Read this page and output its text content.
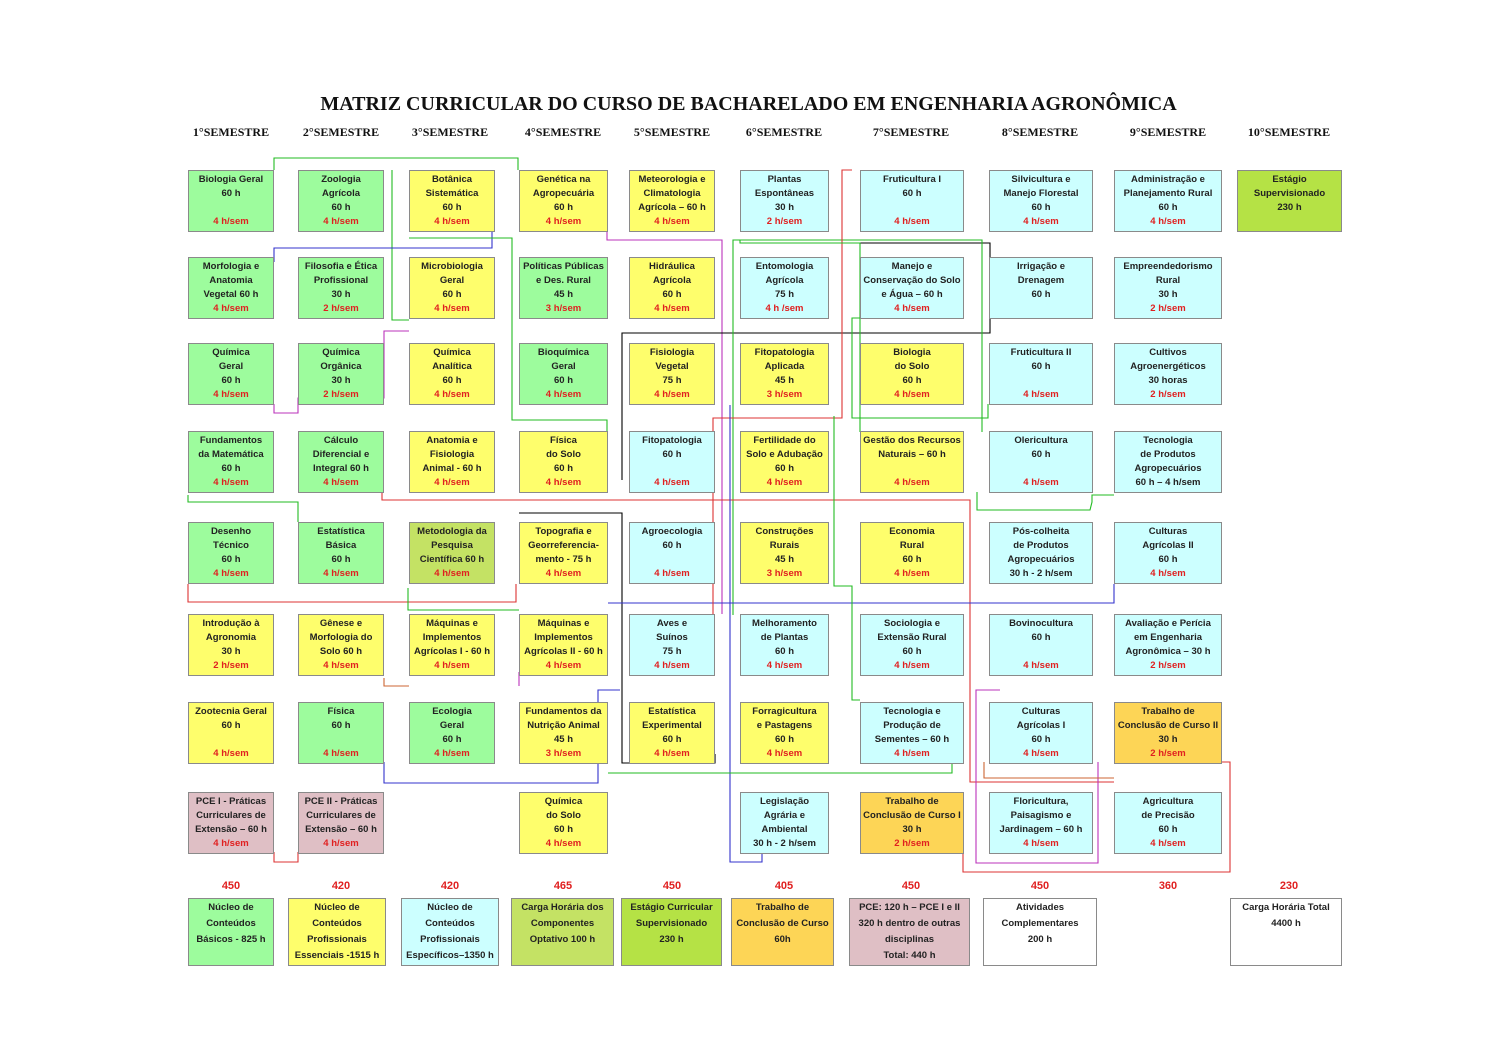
MATRIZ CURRICULAR DO CURSO DE BACHARELADO EM ENGENHARIA AGRONÔMICA
1°SEMESTRE	2°SEMESTRE	3°SEMESTRE	4°SEMESTRE	5°SEMESTRE	6°SEMESTRE	7°SEMESTRE	8°SEMESTRE	9°SEMESTRE	10°SEMESTRE
Biologia Geral
60 h

4 h/sem
Morfologia e
Anatomia
Vegetal 60 h
4 h/sem
Química
Geral
60 h
4 h/sem
Fundamentos
da Matemática
60 h
4 h/sem
Desenho
Técnico
60 h
4 h/sem
Introdução à
Agronomia
30 h
2 h/sem
Zootecnia Geral
60 h

4 h/sem
PCE I - Práticas
Curriculares de
Extensão – 60 h
4 h/sem
Zoologia
Agrícola
60 h
4 h/sem
Filosofia e Ética
Profissional
30 h
2 h/sem
Química
Orgânica
30 h
2 h/sem
Cálculo
Diferencial e
Integral 60 h
4 h/sem
Estatística
Básica
60 h
4 h/sem
Gênese e
Morfologia do
Solo 60 h
4 h/sem
Física
60 h

4 h/sem
PCE II - Práticas
Curriculares de
Extensão – 60 h
4 h/sem
Botânica
Sistemática
60 h
4 h/sem
Microbiologia
Geral
60 h
4 h/sem
Química
Analítica
60 h
4 h/sem
Anatomia e
Fisiologia
Animal - 60 h
4 h/sem
Metodologia da
Pesquisa
Científica 60 h
4 h/sem
Máquinas e
Implementos
Agrícolas I - 60 h
4 h/sem
Ecologia
Geral
60 h
4 h/sem
Genética na
Agropecuária
60 h
4 h/sem
Políticas Públicas
e Des. Rural
45 h
3 h/sem
Bioquímica
Geral
60 h
4 h/sem
Física
do Solo
60 h
4 h/sem
Topografia e
Georreferencia-
mento - 75 h
4 h/sem
Máquinas e
Implementos
Agrícolas II - 60 h
4 h/sem
Fundamentos da
Nutrição Animal
45 h
3 h/sem
Química
do Solo
60 h
4 h/sem
Meteorologia e
Climatologia
Agrícola – 60 h
4 h/sem
Hidráulica
Agrícola
60 h
4 h/sem
Fisiologia
Vegetal
75 h
4 h/sem
Fitopatologia
60 h

4 h/sem
Agroecologia
60 h

4 h/sem
Aves e
Suínos
75 h
4 h/sem
Estatística
Experimental
60 h
4 h/sem
Plantas
Espontâneas
30 h
2 h/sem
Entomologia
Agrícola
75 h
4 h /sem
Fitopatologia
Aplicada
45 h
3 h/sem
Fertilidade do
Solo e Adubação
60 h
4 h/sem
Construções
Rurais
45 h
3 h/sem
Melhoramento
de Plantas
60 h
4 h/sem
Forragicultura
e Pastagens
60 h
4 h/sem
Legislação
Agrária e
Ambiental
30 h - 2 h/sem
Fruticultura I
60 h

4 h/sem
Manejo e
Conservação do Solo
e Água – 60 h
4 h/sem
Biologia
do Solo
60 h
4 h/sem
Gestão dos Recursos
Naturais – 60 h

4 h/sem
Economia
Rural
60 h
4 h/sem
Sociologia e
Extensão Rural
60 h
4 h/sem
Tecnologia e
Produção de
Sementes – 60 h
4 h/sem
Trabalho de
Conclusão de Curso I
30 h
2 h/sem
Silvicultura e
Manejo Florestal
60 h
4 h/sem
Irrigação e
Drenagem
60 h

Fruticultura II
60 h

4 h/sem
Olericultura
60 h

4 h/sem
Pós-colheita
de Produtos
Agropecuários
30 h - 2 h/sem
Bovinocultura
60 h

4 h/sem
Culturas
Agrícolas I
60 h
4 h/sem
Floricultura,
Paisagismo e
Jardinagem – 60 h
4 h/sem
Administração e
Planejamento Rural
60 h
4 h/sem
Empreendedorismo
Rural
30 h
2 h/sem
Cultivos
Agroenergéticos
30 horas
2 h/sem
Tecnologia
de Produtos
Agropecuários
60 h – 4 h/sem
Culturas
Agrícolas II
60 h
4 h/sem
Avaliação e Perícia
em Engenharia
Agronômica – 30 h
2 h/sem
Trabalho de
Conclusão de Curso II
30 h
2 h/sem
Agricultura
de Precisão
60 h
4 h/sem
Estágio
Supervisionado
230 h

450	420	420	465	450	405	450	450	360	230
Núcleo de
Conteúdos
Básicos - 825 h
Núcleo de
Conteúdos
Profissionais
Essenciais -1515 h
Núcleo de
Conteúdos
Profissionais
Específicos–1350 h
Carga Horária dos
Componentes
Optativo 100 h
Estágio Curricular
Supervisionado
230 h
Trabalho de
Conclusão de Curso
60h
PCE: 120 h – PCE I e II
320 h dentro de outras
disciplinas
Total: 440 h
Atividades
Complementares
200 h
Carga Horária Total
4400 h
